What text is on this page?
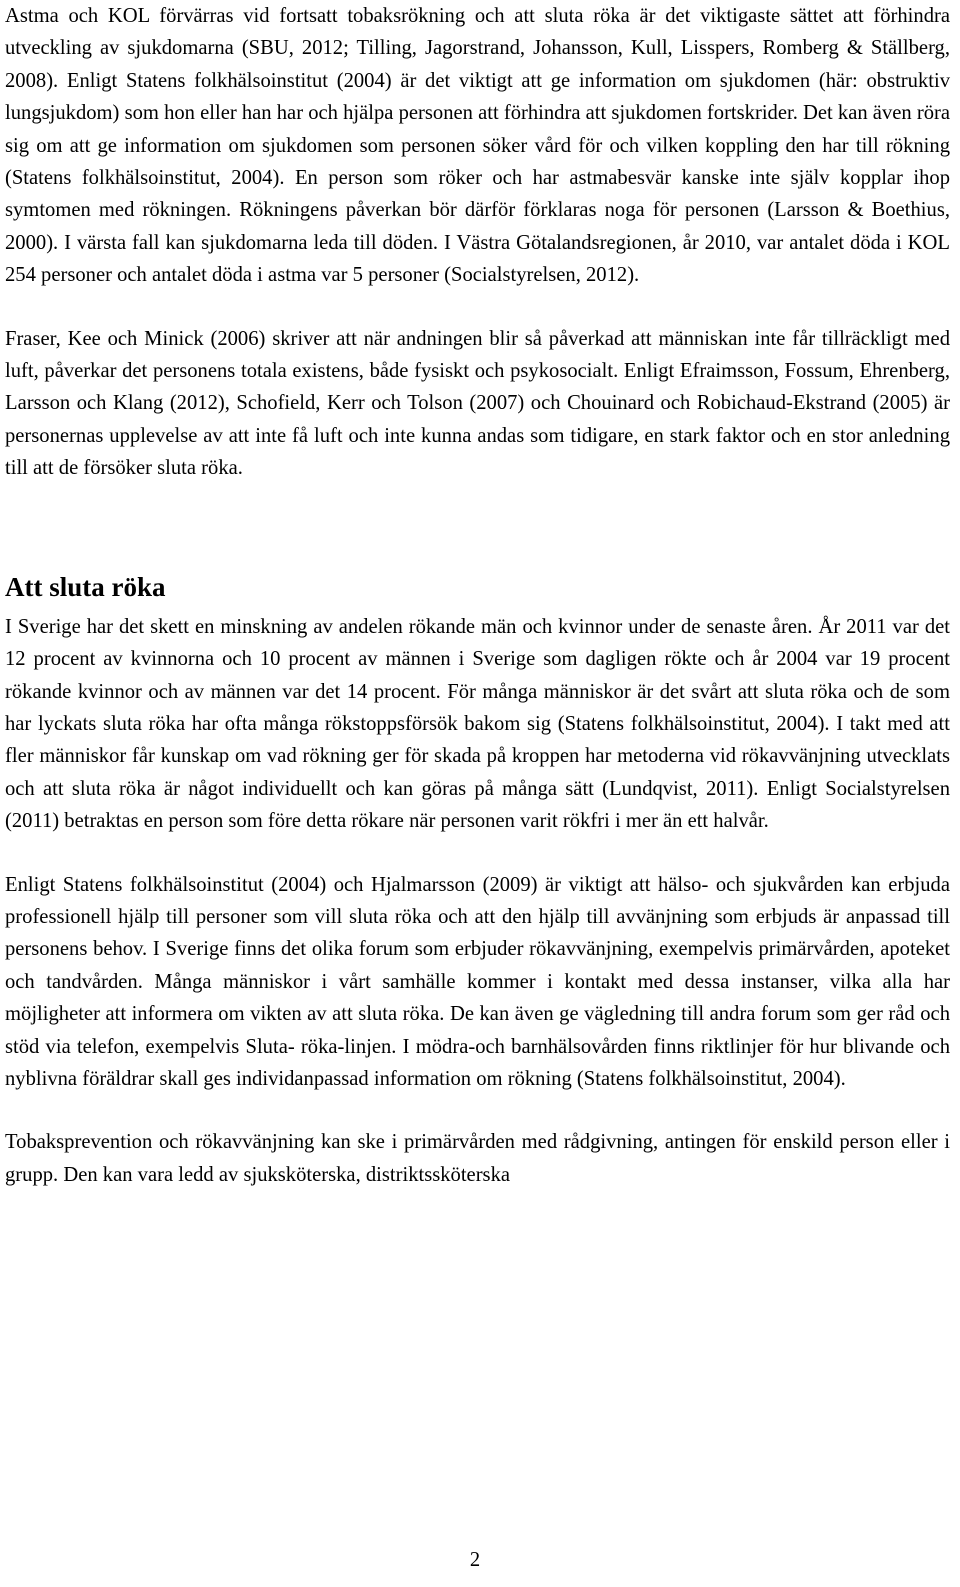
Astma och KOL förvärras vid fortsatt tobaksrökning och att sluta röka är det viktigaste sättet att förhindra utveckling av sjukdomarna (SBU, 2012; Tilling, Jagorstrand, Johansson, Kull, Lisspers, Romberg & Ställberg, 2008). Enligt Statens folkhälsoinstitut (2004) är det viktigt att ge information om sjukdomen (här: obstruktiv lungsjukdom) som hon eller han har och hjälpa personen att förhindra att sjukdomen fortskrider. Det kan även röra sig om att ge information om sjukdomen som personen söker vård för och vilken koppling den har till rökning (Statens folkhälsoinstitut, 2004). En person som röker och har astmabesvär kanske inte själv kopplar ihop symtomen med rökningen. Rökningens påverkan bör därför förklaras noga för personen (Larsson & Boethius, 2000). I värsta fall kan sjukdomarna leda till döden. I Västra Götalandsregionen, år 2010, var antalet döda i KOL 254 personer och antalet döda i astma var 5 personer (Socialstyrelsen, 2012).

Fraser, Kee och Minick (2006) skriver att när andningen blir så påverkad att människan inte får tillräckligt med luft, påverkar det personens totala existens, både fysiskt och psykosocialt. Enligt Efraimsson, Fossum, Ehrenberg, Larsson och Klang (2012), Schofield, Kerr och Tolson (2007) och Chouinard och Robichaud-Ekstrand (2005) är personernas upplevelse av att inte få luft och inte kunna andas som tidigare, en stark faktor och en stor anledning till att de försöker sluta röka.

Att sluta röka

I Sverige har det skett en minskning av andelen rökande män och kvinnor under de senaste åren. År 2011 var det 12 procent av kvinnorna och 10 procent av männen i Sverige som dagligen rökte och år 2004 var 19 procent rökande kvinnor och av männen var det 14 procent. För många människor är det svårt att sluta röka och de som har lyckats sluta röka har ofta många rökstoppsförsök bakom sig (Statens folkhälsoinstitut, 2004). I takt med att fler människor får kunskap om vad rökning ger för skada på kroppen har metoderna vid rökavvänjning utvecklats och att sluta röka är något individuellt och kan göras på många sätt (Lundqvist, 2011). Enligt Socialstyrelsen (2011) betraktas en person som före detta rökare när personen varit rökfri i mer än ett halvår.

Enligt Statens folkhälsoinstitut (2004) och Hjalmarsson (2009) är viktigt att hälso- och sjukvården kan erbjuda professionell hjälp till personer som vill sluta röka och att den hjälp till avvänjning som erbjuds är anpassad till personens behov. I Sverige finns det olika forum som erbjuder rökavvänjning, exempelvis primärvården, apoteket och tandvården. Många människor i vårt samhälle kommer i kontakt med dessa instanser, vilka alla har möjligheter att informera om vikten av att sluta röka. De kan även ge vägledning till andra forum som ger råd och stöd via telefon, exempelvis Sluta- röka-linjen. I mödra-och barnhälsovården finns riktlinjer för hur blivande och nyblivna föräldrar skall ges individanpassad information om rökning (Statens folkhälsoinstitut, 2004).

Tobaksprevention och rökavvänjning kan ske i primärvården med rådgivning, antingen för enskild person eller i grupp. Den kan vara ledd av sjuksköterska, distriktssköterska

2
